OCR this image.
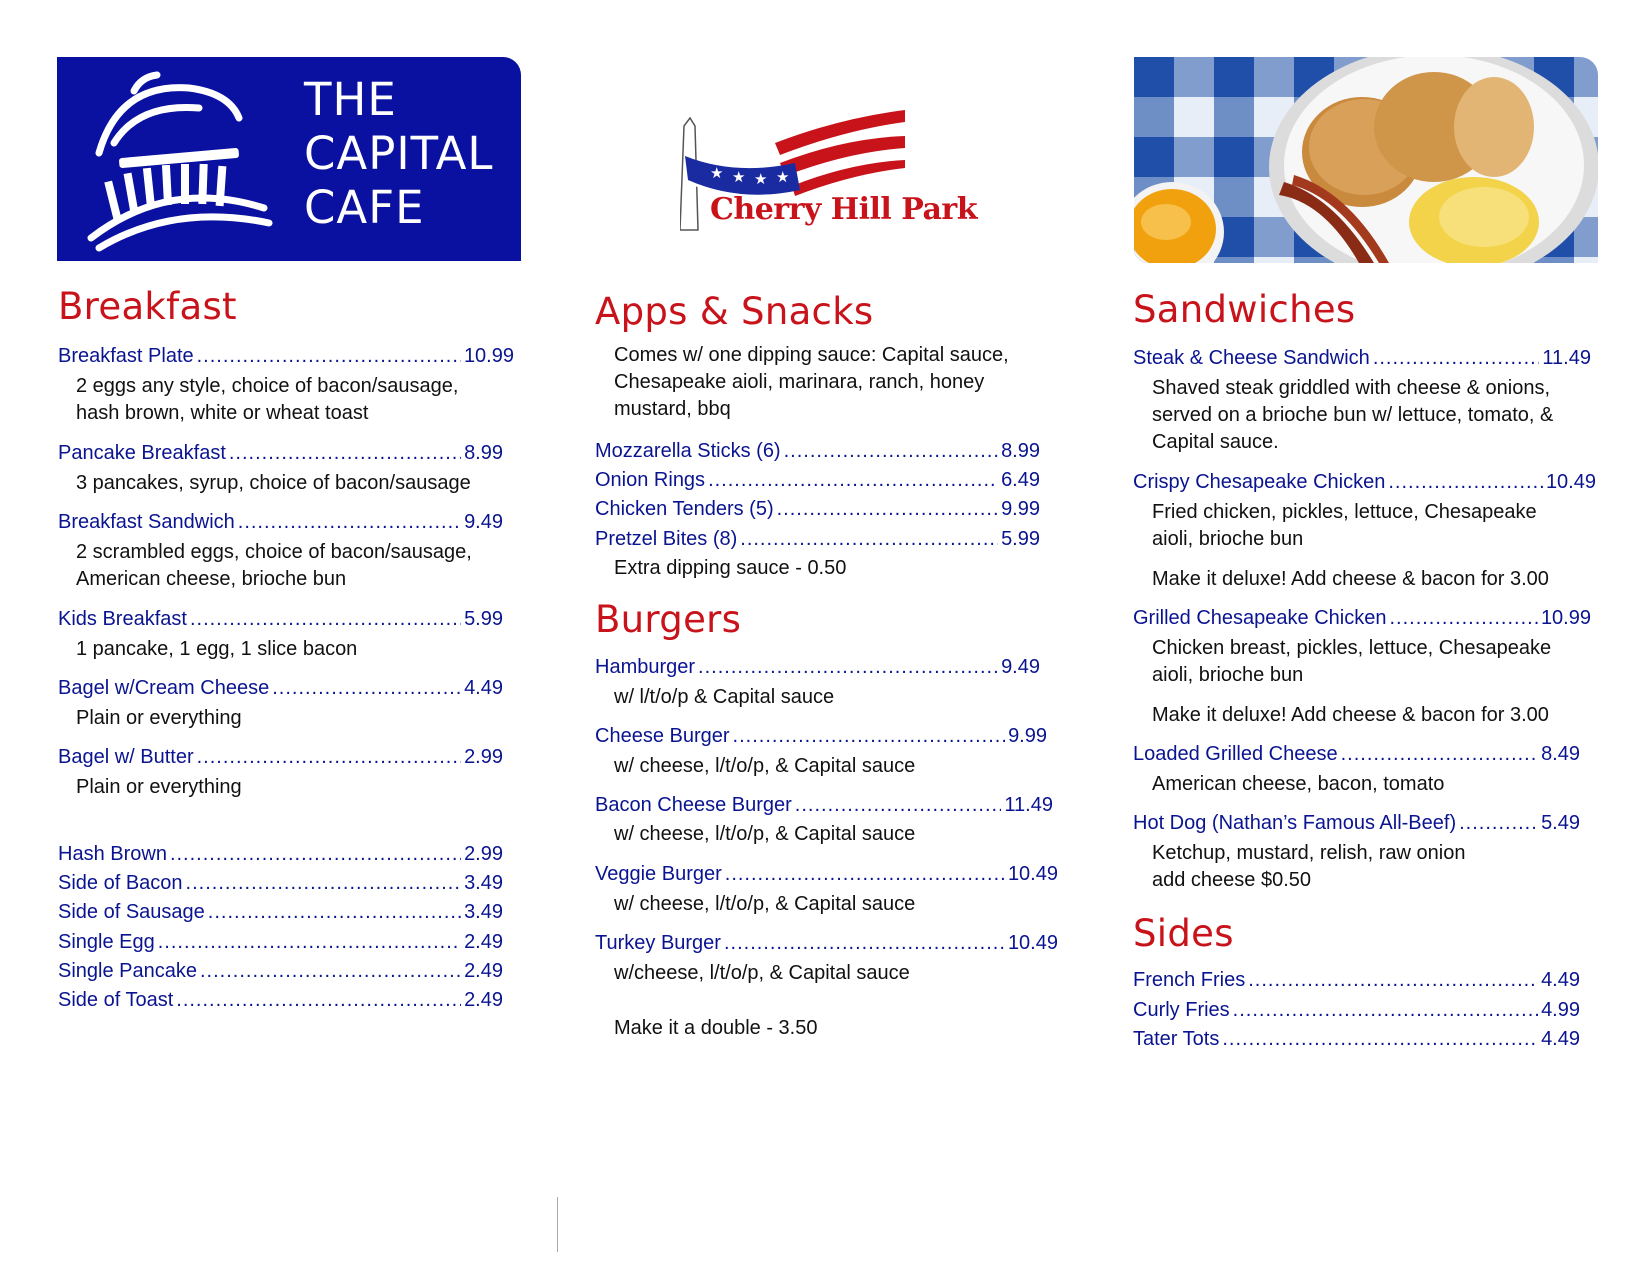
THE
CAPITAL
CAFE
★ ★ ★ ★
Cherry Hill Park
Breakfast
Breakfast Plate .....	10.99
2 eggs any style, choice of bacon/sausage, hash brown, white or wheat toast
Pancake Breakfast .....	8.99
3 pancakes, syrup, choice of bacon/sausage
Breakfast Sandwich .....	9.49
2 scrambled eggs, choice of bacon/sausage, American cheese, brioche bun
Kids Breakfast .....	5.99
1 pancake, 1 egg, 1 slice bacon
Bagel w/Cream Cheese .....	4.49
Plain or everything
Bagel w/ Butter .....	2.99
Plain or everything
Hash Brown .....	2.99
Side of Bacon .....	3.49
Side of Sausage .....	3.49
Single Egg .....	2.49
Single Pancake .....	2.49
Side of Toast .....	2.49
Apps & Snacks
Comes w/ one dipping sauce: Capital sauce, Chesapeake aioli, marinara, ranch, honey mustard, bbq
Mozzarella Sticks (6) .....	8.99
Onion Rings .....	6.49
Chicken Tenders (5) .....	9.99
Pretzel Bites (8) .....	5.99
Extra dipping sauce - 0.50
Burgers
Hamburger .....	9.49
w/ l/t/o/p & Capital sauce
Cheese Burger .....	9.99
w/ cheese, l/t/o/p, & Capital sauce
Bacon Cheese Burger .....	11.49
w/ cheese, l/t/o/p, & Capital sauce
Veggie Burger .....	10.49
w/ cheese, l/t/o/p, & Capital sauce
Turkey Burger .....	10.49
w/cheese, l/t/o/p, & Capital sauce
Make it a double - 3.50
Sandwiches
Steak & Cheese Sandwich .....	11.49
Shaved steak griddled with cheese & onions, served on a brioche bun w/ lettuce, tomato, & Capital sauce.
Crispy Chesapeake Chicken .....	10.49
Fried chicken, pickles, lettuce, Chesapeake aioli, brioche bun
Make it deluxe! Add cheese & bacon for 3.00
Grilled Chesapeake Chicken .....	10.99
Chicken breast, pickles, lettuce, Chesapeake aioli, brioche bun
Make it deluxe! Add cheese & bacon for 3.00
Loaded Grilled Cheese .....	8.49
American cheese, bacon, tomato
Hot Dog (Nathan’s Famous All-Beef) .....	5.49
Ketchup, mustard, relish, raw onion
add cheese $0.50
Sides
French Fries .....	4.49
Curly Fries .....	4.99
Tater Tots .....	4.49
